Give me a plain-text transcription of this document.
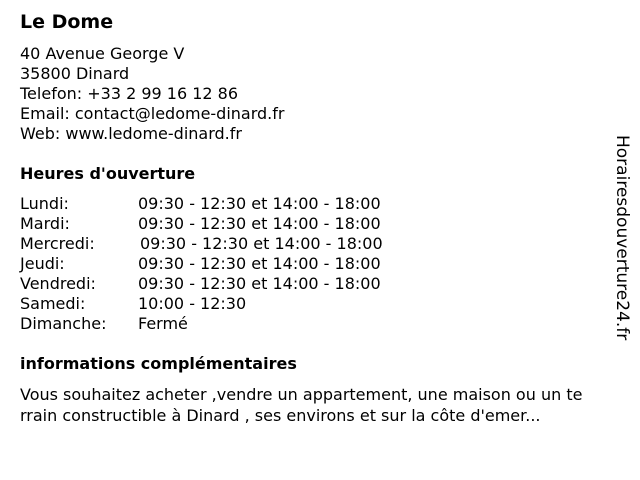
Le Dome
40 Avenue George V
35800 Dinard
Telefon: +33 2 99 16 12 86
Email: contact@ledome-dinard.fr
Web: www.ledome-dinard.fr
Heures d'ouverture
Lundi:	09:30 - 12:30 et 14:00 - 18:00
Mardi:	09:30 - 12:30 et 14:00 - 18:00
Mercredi:	09:30 - 12:30 et 14:00 - 18:00
Jeudi:	09:30 - 12:30 et 14:00 - 18:00
Vendredi:	09:30 - 12:30 et 14:00 - 18:00
Samedi:	10:00 - 12:30
Dimanche: Fermé
informations complémentaires
Vous souhaitez acheter ,vendre un appartement, une maison ou un te
rrain constructible à Dinard , ses environs et sur la côte d'emer...
Horairesdouverture24.fr
